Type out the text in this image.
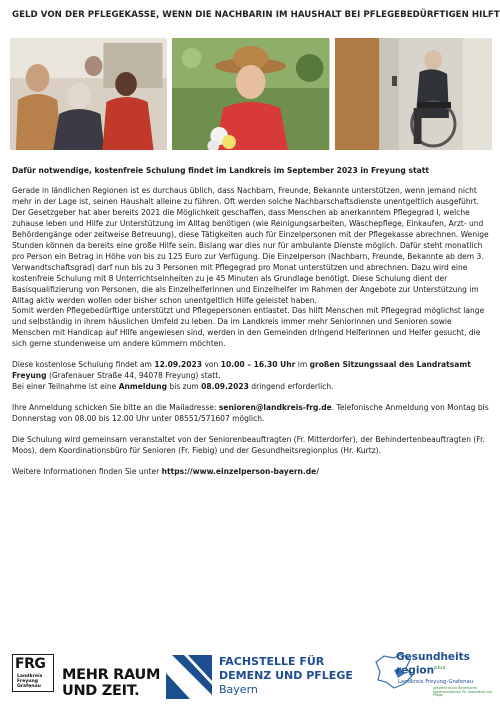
GELD VON DER PFLEGEKASSE, WENN DIE NACHBARIN IM HAUSHALT BEI PFLEGEBEDÜRFTIGEN HILFT
Dafür notwendige, kostenfreie Schulung findet im Landkreis im September 2023 in Freyung statt

Gerade in ländlichen Regionen ist es durchaus üblich, dass Nachbarn, Freunde, Bekannte unterstützen, wenn jemand nicht mehr in der Lage ist, seinen Haushalt alleine zu führen. Oft werden solche Nachbarschaftsdienste unentgeltlich ausgeführt. Der Gesetzgeber hat aber bereits 2021 die Möglichkeit geschaffen, dass Menschen ab anerkanntem Pflegegrad I, welche zuhause leben und Hilfe zur Unterstützung im Alltag benötigen (wie Reinigungsarbeiten, Wäschepflege, Einkaufen, Arzt- und Behördengänge oder zeitweise Betreuung), diese Tätigkeiten auch für Einzelpersonen mit der Pflegekasse abrechnen. Wenige Stunden können da bereits eine große Hilfe sein. Bislang war dies nur für ambulante Dienste möglich. Dafür steht monatlich pro Person ein Betrag in Höhe von bis zu 125 Euro zur Verfügung. Die Einzelperson (Nachbarn, Freunde, Bekannte ab dem 3. Verwandtschaftsgrad) darf nun bis zu 3 Personen mit Pflegegrad pro Monat unterstützen und abrechnen. Dazu wird eine kostenfreie Schulung mit 8 Unterrichtseinheiten zu je 45 Minuten als Grundlage benötigt. Diese Schulung dient der Basisqualifizierung von Personen, die als Einzelhelferinnen und Einzelhelfer im Rahmen der Angebote zur Unterstützung im Alltag aktiv werden wollen oder bisher schon unentgeltlich Hilfe geleistet haben.

Somit werden Pflegebedürftige unterstützt und Pflegepersonen entlastet. Das hilft Menschen mit Pflegegrad möglichst lange und selbständig in ihrem häuslichen Umfeld zu leben. Da im Landkreis immer mehr Seniorinnen und Senioren sowie Menschen mit Handicap auf Hilfe angewiesen sind, werden in den Gemeinden dringend Helferinnen und Helfer gesucht, die sich gerne stundenweise um andere kümmern möchten.

Diese kostenlose Schulung findet am 12.09.2023 von 10.00 – 16.30 Uhr im großen Sitzungssaal des Landratsamt Freyung (Grafenauer Straße 44, 94078 Freyung) statt.
Bei einer Teilnahme ist eine Anmeldung bis zum 08.09.2023 dringend erforderlich.

Ihre Anmeldung schicken Sie bitte an die Mailadresse: senioren@landkreis-frg.de. Telefonische Anmeldung von Montag bis Donnerstag von 08.00 bis 12.00 Uhr unter 08551/571607 möglich.

Die Schulung wird gemeinsam veranstaltet von der Seniorenbeauftragten (Fr. Mitterdorfer), der Behindertenbeauftragten (Fr. Moos), dem Koordinationsbüro für Senioren (Fr. Fiebig) und der Gesundheitsregionplus (Hr. Kurtz).

Weitere Informationen finden Sie unter https://www.einzelperson-bayern.de/

FRG
Landkreis
Freyung
Grafenau
MEHR RAUM
UND ZEIT.
FACHSTELLE FÜR
DEMENZ UND PFLEGE
Bayern
Gesundheits
region$^{plus}$
Landkreis Freyung-Grafenau
gefördert durch Bayerisches Staatsministerium für Gesundheit und Pflege
